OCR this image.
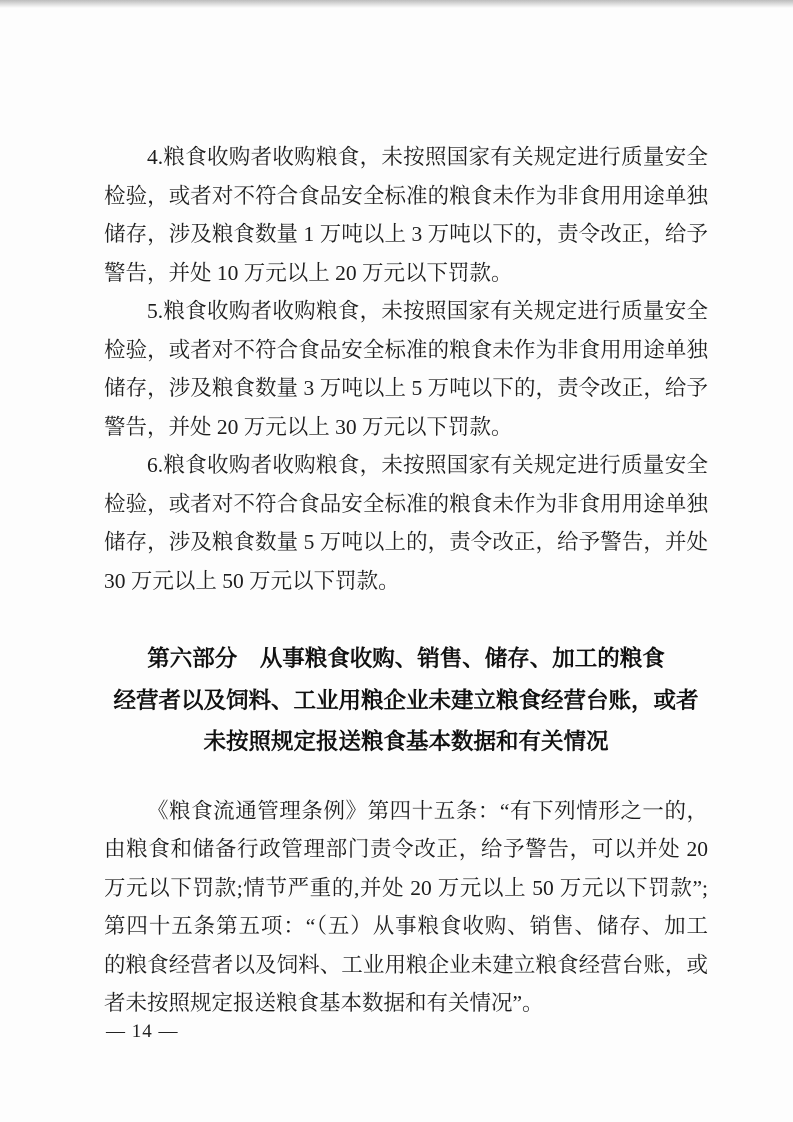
4.粮食收购者收购粮食，未按照国家有关规定进行质量安全
检验，或者对不符合食品安全标准的粮食未作为非食用用途单独
储存，涉及粮食数量 1 万吨以上 3 万吨以下的，责令改正，给予
警告，并处 10 万元以上 20 万元以下罚款。
5.粮食收购者收购粮食，未按照国家有关规定进行质量安全
检验，或者对不符合食品安全标准的粮食未作为非食用用途单独
储存，涉及粮食数量 3 万吨以上 5 万吨以下的，责令改正，给予
警告，并处 20 万元以上 30 万元以下罚款。
6.粮食收购者收购粮食，未按照国家有关规定进行质量安全
检验，或者对不符合食品安全标准的粮食未作为非食用用途单独
储存，涉及粮食数量 5 万吨以上的，责令改正，给予警告，并处
30 万元以上 50 万元以下罚款。
第六部分　从事粮食收购、销售、储存、加工的粮食
经营者以及饲料、工业用粮企业未建立粮食经营台账，或者
未按照规定报送粮食基本数据和有关情况
《粮食流通管理条例》第四十五条：“有下列情形之一的，
由粮食和储备行政管理部门责令改正，给予警告，可以并处 20
万元以下罚款;情节严重的,并处 20 万元以上 50 万元以下罚款”;
第四十五条第五项：“（五）从事粮食收购、销售、储存、加工
的粮食经营者以及饲料、工业用粮企业未建立粮食经营台账，或
者未按照规定报送粮食基本数据和有关情况”。
— 14 —
